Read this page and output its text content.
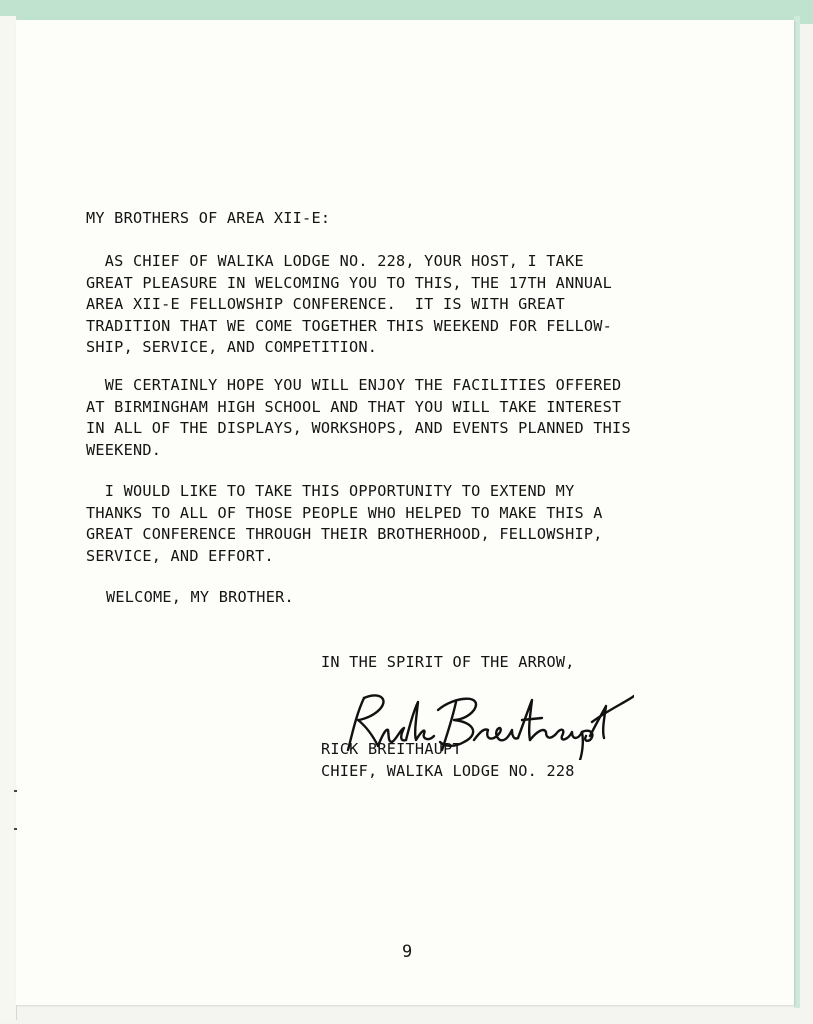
MY BROTHERS OF AREA XII-E:
AS CHIEF OF WALIKA LODGE NO. 228, YOUR HOST, I TAKE
GREAT PLEASURE IN WELCOMING YOU TO THIS, THE 17TH ANNUAL
AREA XII-E FELLOWSHIP CONFERENCE.  IT IS WITH GREAT
TRADITION THAT WE COME TOGETHER THIS WEEKEND FOR FELLOW-
SHIP, SERVICE, AND COMPETITION.
WE CERTAINLY HOPE YOU WILL ENJOY THE FACILITIES OFFERED
AT BIRMINGHAM HIGH SCHOOL AND THAT YOU WILL TAKE INTEREST
IN ALL OF THE DISPLAYS, WORKSHOPS, AND EVENTS PLANNED THIS
WEEKEND.
I WOULD LIKE TO TAKE THIS OPPORTUNITY TO EXTEND MY
THANKS TO ALL OF THOSE PEOPLE WHO HELPED TO MAKE THIS A
GREAT CONFERENCE THROUGH THEIR BROTHERHOOD, FELLOWSHIP,
SERVICE, AND EFFORT.
WELCOME, MY BROTHER.
IN THE SPIRIT OF THE ARROW,
RICK BREITHAUPT
CHIEF, WALIKA LODGE NO. 228
9
